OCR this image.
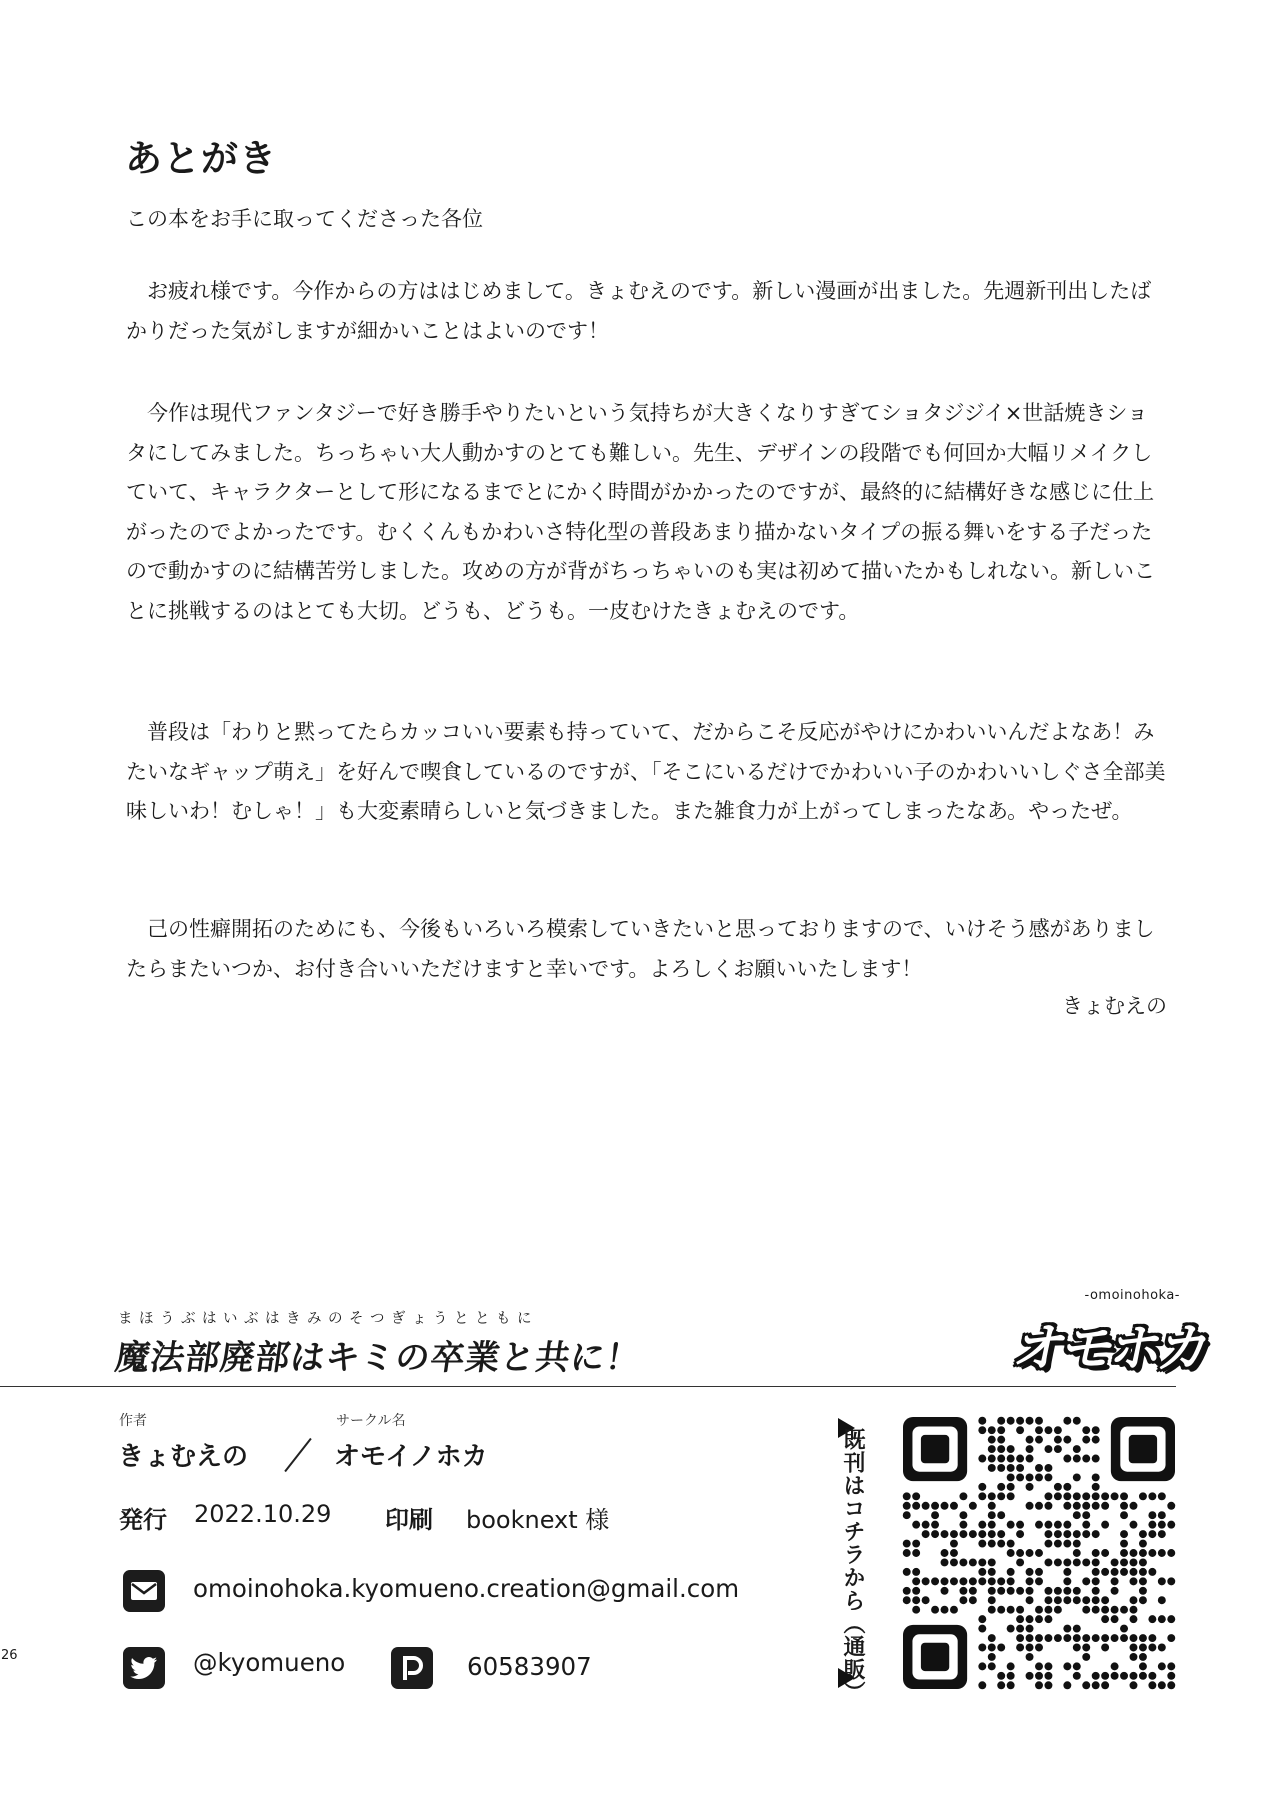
あとがき

この本をお手に取ってくださった各位

　お疲れ様です。今作からの方ははじめまして。きょむえのです。新しい漫画が出ました。先週新刊出したばかりだった気がしますが細かいことはよいのです！

　今作は現代ファンタジーで好き勝手やりたいという気持ちが大きくなりすぎてショタジジイ×世話焼きショタにしてみました。ちっちゃい大人動かすのとても難しい。先生、デザインの段階でも何回か大幅リメイクしていて、キャラクターとして形になるまでとにかく時間がかかったのですが、最終的に結構好きな感じに仕上がったのでよかったです。むくくんもかわいさ特化型の普段あまり描かないタイプの振る舞いをする子だったので動かすのに結構苦労しました。攻めの方が背がちっちゃいのも実は初めて描いたかもしれない。新しいことに挑戦するのはとても大切。どうも、どうも。一皮むけたきょむえのです。

　普段は「わりと黙ってたらカッコいい要素も持っていて、だからこそ反応がやけにかわいいんだよなあ！みたいなギャップ萌え」を好んで喫食しているのですが、「そこにいるだけでかわいい子のかわいいしぐさ全部美味しいわ！むしゃ！」も大変素晴らしいと気づきました。また雑食力が上がってしまったなあ。やったぜ。

　己の性癖開拓のためにも、今後もいろいろ模索していきたいと思っておりますので、いけそう感がありましたらまたいつか、お付き合いいただけますと幸いです。よろしくお願いいたします！

きょむえの

まほうぶはいぶはきみのそつぎょうとともに

魔法部廃部はキミの卒業と共に！
-omoinohoka-
オモホカ

作者

きょむえの

サークル名

オモイノホカ

発行 2022.10.29 印刷 booknext 様

omoinohoka.kyomueno.creation@gmail.com

@kyomueno	60583907	既刊はコチラから（通販）

26
